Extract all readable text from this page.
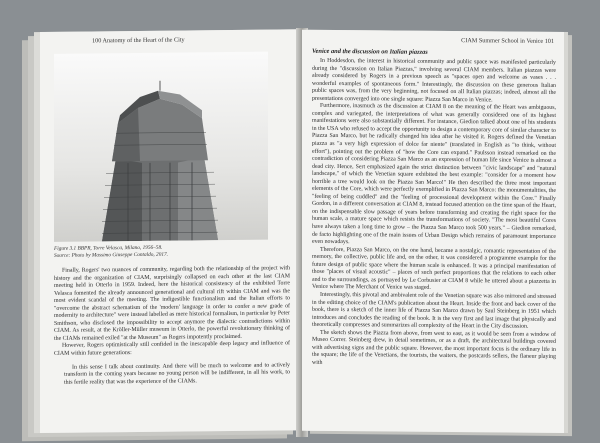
100 Anatomy of the Heart of the City
Figure 3.1 BBPR, Torre Velasca, Milano, 1956–58.
Source: Photo by Massimo Giuseppe Contaldo, 2017.

Finally, Rogers' two nuances of community, regarding both the relationship of the project with history and the organization of CIAM, surprisingly collapsed on each other at the last CIAM meeting held in Otterlo in 1959. Indeed, here the historical consistency of the exhibited Torre Velasca fomented the already announced generational and cultural rift within CIAM and was the most evident scandal of the meeting. The indigestible functionalism and the Italian efforts to "overcome the abstract schematism of the 'modern' language in order to confer a new grade of modernity to architecture" were instead labelled as mere historical formalism, in particular by Peter Smithson, who disclosed the impossibility to accept anymore the dialectic contradictions within CIAM. As result, at the Kröller-Müller museum in Otterlo, the powerful revolutionary thinking of the CIAMs remained exiled "at the Museum" as Rogers impotently proclaimed.

However, Rogers optimistically still confided in the inescapable deep legacy and influence of CIAM within future generations:

In this sense I talk about continuity. And there will be much to welcome and to actively transform in the coming years because no young person will be indifferent, in all his work, to this fertile reality that was the experience of the CIAMs.

CIAM Summer School in Venice 101
Venice and the discussion on Italian piazzas

In Hoddesdon, the interest in historical community and public space was manifested particularly during the "discussion on Italian Piazzas," involving several CIAM members. Italian piazzas were already considered by Rogers in a previous speech as "spaces open and welcome as vases . . . wonderful examples of spontaneous form." Interestingly, the discussion on these generous Italian public spaces was, from the very beginning, not focused on all Italian piazzas; indeed, almost all the presentations converged into one single square: Piazza San Marco in Venice.

Furthermore, inasmuch as the discussion at CIAM 8 on the meaning of the Heart was ambiguous, complex and variegated, the interpretations of what was generally considered one of its highest manifestations were also substantially different. For instance, Giedion talked about one of his students in the USA who refused to accept the opportunity to design a contemporary core of similar character to Piazza San Marco, but he radically changed his idea after he visited it. Rogers defined the Venetian piazza as "a very high expression of dolce far niente" (translated in English as "to think, without effort"), pointing out the problem of "how the Core can expand." Paulsson instead remarked on the contradiction of considering Piazza San Marco as an expression of human life since Venice is almost a dead city. Hence, Sert emphasized again the strict distinction between "civic landscape" and "natural landscape," of which the Venetian square exhibited the best example: "consider for a moment how horrible a tree would look on the Piazza San Marco!" He then described the three most important elements of the Core, which were perfectly exemplified in Piazza San Marco: the monumentalities, the "feeling of being cuddled" and the "feeling of processional development within the Core." Finally Gordon, in a different conversation at CIAM 8, instead focused attention on the time span of the Heart, on the indispensable slow passage of years before transforming and creating the right space for the human scale, a mature space which resists the transformations of society. "The most beautiful Cores have always taken a long time to grow – the Piazza San Marco took 500 years." – Giedion remarked, de facto highlighting one of the main issues of Urban Design which remains of paramount importance even nowadays.

Therefore, Piazza San Marco, on the one hand, became a nostalgic, romantic representation of the memory, the collective, public life and, on the other, it was considered a programme example for the future design of public space where the human scale is enhanced. It was a principal manifestation of those "places of visual acoustic" – places of such perfect proportions that the relations to each other and to the surroundings, as portrayed by Le Corbusier at CIAM 8 while he uttered about a piazzetta in Venice where The Merchant of Venice was staged.

Interestingly, this pivotal and ambivalent role of the Venetian square was also mirrored and stressed in the editing choice of the CIAM's publication about the Heart. Inside the front and back cover of the book, there is a sketch of the inner life of Piazza San Marco drawn by Saul Steinberg in 1951 which introduces and concludes the reading of the book. It is the very first and last image that physically and theoretically compresses and summarizes all complexity of the Heart in the City discussion.

The sketch shows the Piazza from above, from west to east, as it would be seen from a window of Museo Correr. Steinberg drew, in detail sometimes, or as a draft, the architectural buildings covered with advertising signs and the public square. However, the most important focus is the ordinary life in the square; the life of the Venetians, the tourists, the waiters, the postcards sellers, the flaneur playing with
